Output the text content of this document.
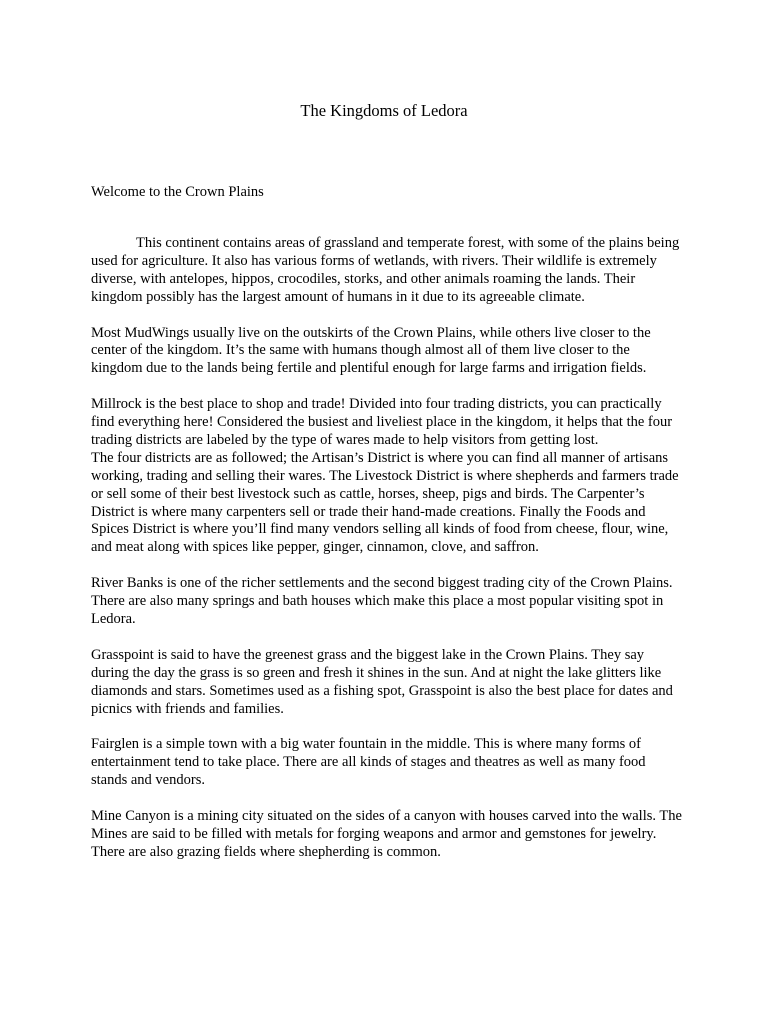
The Kingdoms of Ledora

Welcome to the Crown Plains

This continent contains areas of grassland and temperate forest, with some of the plains being used for agriculture. It also has various forms of wetlands, with rivers. Their wildlife is extremely diverse, with antelopes, hippos, crocodiles, storks, and other animals roaming the lands. Their kingdom possibly has the largest amount of humans in it due to its agreeable climate.

Most MudWings usually live on the outskirts of the Crown Plains, while others live closer to the center of the kingdom. It’s the same with humans though almost all of them live closer to the kingdom due to the lands being fertile and plentiful enough for large farms and irrigation fields.

Millrock is the best place to shop and trade! Divided into four trading districts, you can practically find everything here! Considered the busiest and liveliest place in the kingdom, it helps that the four trading districts are labeled by the type of wares made to help visitors from getting lost.

The four districts are as followed; the Artisan’s District is where you can find all manner of artisans working, trading and selling their wares. The Livestock District is where shepherds and farmers trade or sell some of their best livestock such as cattle, horses, sheep, pigs and birds. The Carpenter’s District is where many carpenters sell or trade their hand-made creations. Finally the Foods and Spices District is where you’ll find many vendors selling all kinds of food from cheese, flour, wine, and meat along with spices like pepper, ginger, cinnamon, clove, and saffron.

River Banks is one of the richer settlements and the second biggest trading city of the Crown Plains. There are also many springs and bath houses which make this place a most popular visiting spot in Ledora.

Grasspoint is said to have the greenest grass and the biggest lake in the Crown Plains. They say during the day the grass is so green and fresh it shines in the sun. And at night the lake glitters like diamonds and stars. Sometimes used as a fishing spot, Grasspoint is also the best place for dates and picnics with friends and families.

Fairglen is a simple town with a big water fountain in the middle. This is where many forms of entertainment tend to take place. There are all kinds of stages and theatres as well as many food stands and vendors.

Mine Canyon is a mining city situated on the sides of a canyon with houses carved into the walls. The Mines are said to be filled with metals for forging weapons and armor and gemstones for jewelry. There are also grazing fields where shepherding is common.
